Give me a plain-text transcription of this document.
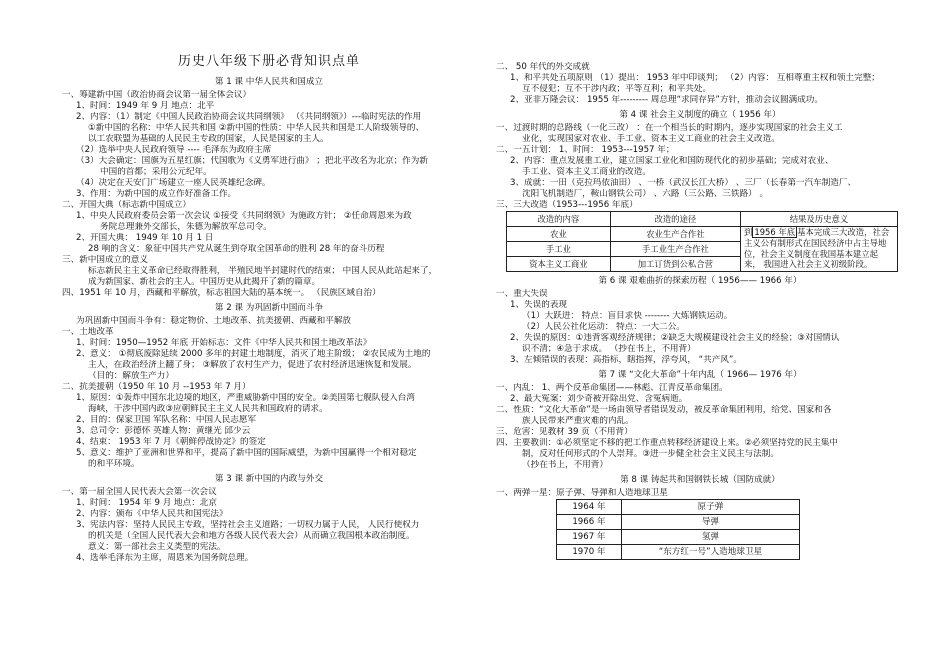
历史八年级下册必背知识点单
第 1 课 中华人民共和国成立
一、筹建新中国（政治协商会议第一届全体会议）
1、时间：1949 年 9 月 地点：北平
2、内容：（1）制定《中国人民政治协商会议共同纲领》 （《共同纲领》）---临时宪法的作用
①新中国的名称：中华人民共和国 ②新中国的性质：中华人民共和国是工人阶级领导的、
以工农联盟为基础的人民民主专政的国家，人民是国家的主人。
（2）选举中央人民政府领导 ---- 毛泽东为政府主席
（3）大会确定：国旗为五星红旗；代国歌为《义勇军进行曲》 ；把北平改名为北京；作为新
中国的首都；采用公元纪年。
（4）决定在天安门广场建立一座人民英雄纪念碑。
3、作用：为新中国的成立作好准备工作。
二、开国大典（标志新中国成立）
1、中央人民政府委员会第一次会议 ①接受《共同纲领》为施政方针； ②任命周恩来为政
务院总理兼外交部长，朱德为解放军总司令。
2、开国大典： 1949 年 10 月 1 日
28 响的含义：象征中国共产党从诞生到夺取全国革命的胜利 28 年的奋斗历程
三、新中国成立的意义
标志新民主主义革命已经取得胜利， 半殖民地半封建时代的结束； 中国人民从此站起来了，
成为新国家、新社会的主人。中国历史从此揭开了新的篇章。
四、1951 年 10 月，西藏和平解放，标志祖国大陆的基本统一。 （民族区域自治）
第 2 课 为巩固新中国而斗争
为巩固新中国而斗争有：稳定物价、土地改革、抗美援朝、西藏和平解放
一、土地改革
1、时间：1950—1952 年底 开始标志：文件《中华人民共和国土地改革法》
2、意义： ①彻底废除延续 2000 多年的封建土地制度，消灭了地主阶级； ②农民成为土地的
主人，在政治经济上翻了身； ③解放了农村生产力，促进了农村经济迅速恢复和发展。
（目的：解放生产力）
二、抗美援朝（1950 年 10 月 --1953 年 7 月）
1、原因：①轰炸中国东北边境的地区，严重威胁新中国的安全。②美国第七舰队侵入台湾
海峡，干涉中国内政③应朝鲜民主主义人民共和国政府的请求。
2、目的：保家卫国 军队名称：中国人民志愿军
3、总司令：彭德怀 英雄人物：黄继光 邱少云
4、结束： 1953 年 7 月《朝鲜停战协定》的签定
5、意义：维护了亚洲和世界和平，提高了新中国的国际威望，为新中国赢得一个相对稳定
的和平环境。
第 3 课 新中国的内政与外交
一、第一届全国人民代表大会第一次会议
1、时间： 1954 年 9 月 地点：北京
2、内容：颁布《中华人民共和国宪法》
3、宪法内容：坚持人民民主专政，坚持社会主义道路；一切权力属于人民， 人民行使权力
的机关是（全国人民代表大会和地方各级人民代表大会）从而确立我国根本政治制度。
意义：第一部社会主义类型的宪法。
4、选举毛泽东为主席，周恩来为国务院总理。
二、 50 年代的外交成就
1、和平共处五项原则 （1）提出： 1953 年中印谈判； （2）内容： 互相尊重主权和领土完整；
互不侵犯；互不干涉内政；平等互利；和平共处。
2、亚非万隆会议： 1955 年--------- 周总理“求同存异”方针，推动会议圆满成功。
第 4 课 社会主义制度的确立（ 1956 年）
一、过渡时期的总路线（一化三改） ：在一个相当长的时期内，逐步实现国家的社会主义工
业化，实现国家对农业、手工业、资本主义工商业的社会主义改造。
二、一五计划： 1、时间： 1953---1957 年；
2、内容：重点发展重工业，建立国家工业化和国防现代化的初步基础；完成对农业、
手工业、资本主义工商业的改造。
3、成就：一田（克拉玛依油田） 、一桥（武汉长江大桥） 、三厂（长春第一汽车制造厂、
沈阳飞机制造厂，鞍山钢铁公司） 、六路（三公路、三铁路） 。
三、三大改造（1953---1956 年底）
改造的内容	改造的途径	结果及历史意义
农业	农业生产合作社	到 1956 年底 基本完成三大改造，社会
主义公有制形式在国民经济中占主导地位，社会主义制度在我国基本建立起来， 我国进入社会主义初级阶段。
手工业	手工业生产合作社	
资本主义工商业	加工订货到公私合营	
第 6 课 艰难曲折的探索历程（ 1956—— 1966 年）
一、重大失误
1、失误的表现
（1）大跃进： 特点：盲目求快 -------- 大炼钢铁运动。
（2）人民公社化运动： 特点：一大二公。
2、失误的原因：①违背客观经济规律；②缺乏大规模建设社会主义的经验；③对国情认
识不清；④急于求成。 （抄在书上，不用背）
3、左倾错误的表现：高指标，瞎指挥，浮夸风， “共产风”。
第 7 课 “文化大革命”十年内乱（ 1966— 1976 年）
一、内乱： 1、两个反革命集团——林彪、江青反革命集团。
2、最大冤案：刘少奇被开除出党、含冤病逝。
二、性质：“文化大革命”是一场由领导者错误发动，被反革命集团利用，给党、国家和各
族人民带来严重灾难的内乱。
三、危害：见教材 39 页（不用背）
四、主要教训：①必须坚定不移的把工作重点转移经济建设上来。②必须坚持党的民主集中
制，反对任何形式的个人崇拜。③进一步健全社会主义民主与法制。
（抄在书上，不用背）
第 8 课 铸起共和国钢铁长城（国防成就）
一、两弹一星：原子弹、导弹和人造地球卫星
1964 年	原子弹
1966 年	导弹
1967 年	氢弹
1970 年	“东方红一号”人造地球卫星
